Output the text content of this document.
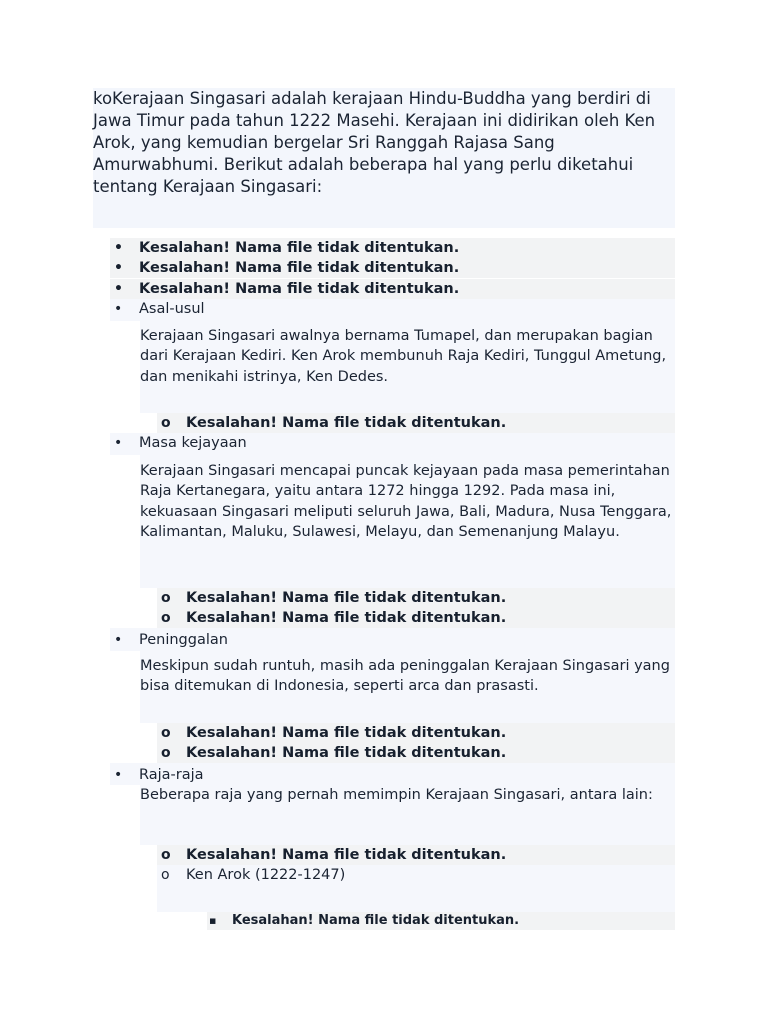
koKerajaan Singasari adalah kerajaan Hindu-Buddha yang berdiri di Jawa Timur pada tahun 1222 Masehi. Kerajaan ini didirikan oleh Ken Arok, yang kemudian bergelar Sri Ranggah Rajasa Sang Amurwabhumi. Berikut adalah beberapa hal yang perlu diketahui tentang Kerajaan Singasari:
• Kesalahan! Nama file tidak ditentukan.
• Kesalahan! Nama file tidak ditentukan.
• Kesalahan! Nama file tidak ditentukan.
• Asal-usul
Kerajaan Singasari awalnya bernama Tumapel, dan merupakan bagian dari Kerajaan Kediri. Ken Arok membunuh Raja Kediri, Tunggul Ametung, dan menikahi istrinya, Ken Dedes.
o Kesalahan! Nama file tidak ditentukan.
• Masa kejayaan
Kerajaan Singasari mencapai puncak kejayaan pada masa pemerintahan Raja Kertanegara, yaitu antara 1272 hingga 1292. Pada masa ini, kekuasaan Singasari meliputi seluruh Jawa, Bali, Madura, Nusa Tenggara, Kalimantan, Maluku, Sulawesi, Melayu, dan Semenanjung Malayu.
o Kesalahan! Nama file tidak ditentukan.
o Kesalahan! Nama file tidak ditentukan.
• Peninggalan
Meskipun sudah runtuh, masih ada peninggalan Kerajaan Singasari yang bisa ditemukan di Indonesia, seperti arca dan prasasti.
o Kesalahan! Nama file tidak ditentukan.
o Kesalahan! Nama file tidak ditentukan.
• Raja-raja
Beberapa raja yang pernah memimpin Kerajaan Singasari, antara lain:
o Kesalahan! Nama file tidak ditentukan.
o Ken Arok (1222-1247)
▪ Kesalahan! Nama file tidak ditentukan.
